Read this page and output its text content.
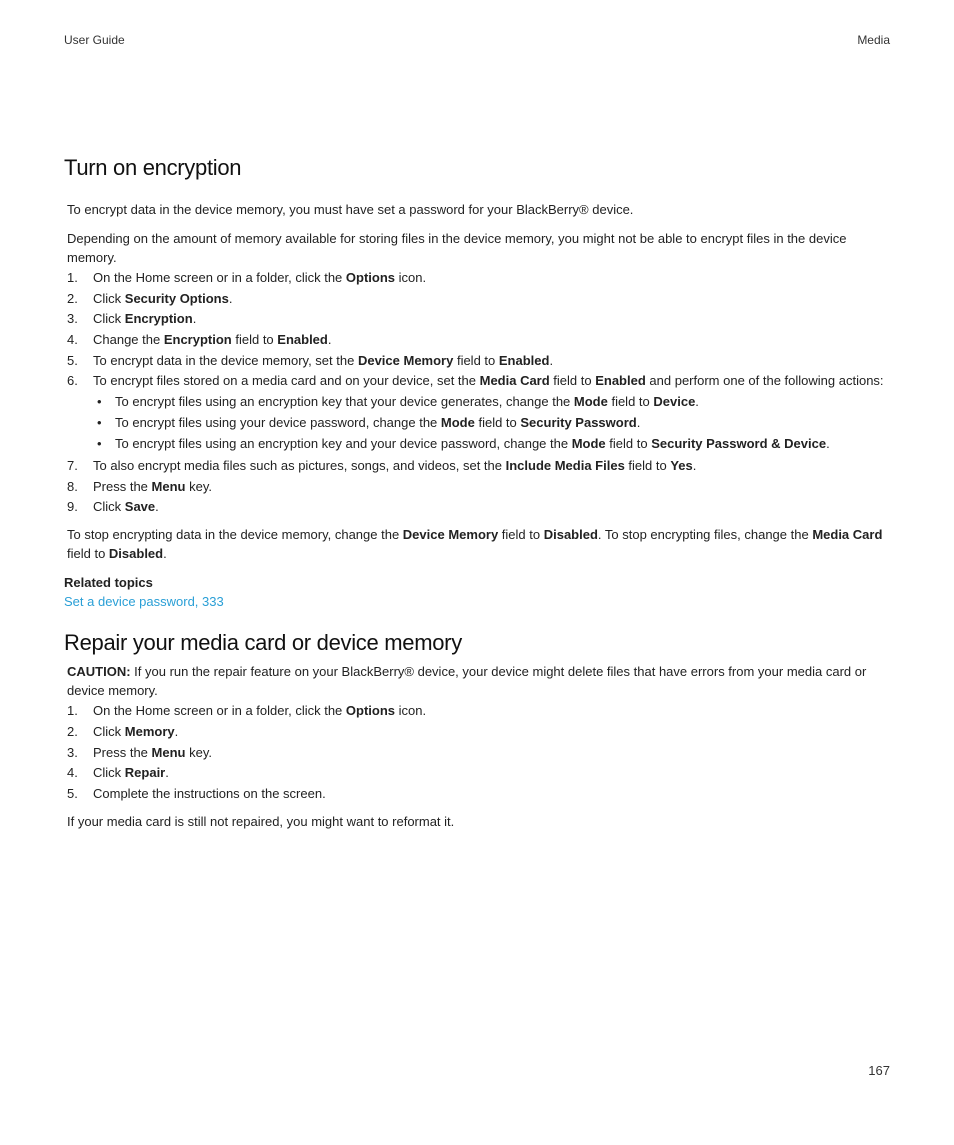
User Guide	Media
Turn on encryption

To encrypt data in the device memory, you must have set a password for your BlackBerry® device.

Depending on the amount of memory available for storing files in the device memory, you might not be able to encrypt files in the device memory.

1. On the Home screen or in a folder, click the Options icon.
2. Click Security Options.
3. Click Encryption.
4. Change the Encryption field to Enabled.
5. To encrypt data in the device memory, set the Device Memory field to Enabled.
6. To encrypt files stored on a media card and on your device, set the Media Card field to Enabled and perform one of the following actions:
• To encrypt files using an encryption key that your device generates, change the Mode field to Device.
• To encrypt files using your device password, change the Mode field to Security Password.
• To encrypt files using an encryption key and your device password, change the Mode field to Security Password & Device.
7. To also encrypt media files such as pictures, songs, and videos, set the Include Media Files field to Yes.
8. Press the Menu key.
9. Click Save.

To stop encrypting data in the device memory, change the Device Memory field to Disabled. To stop encrypting files, change the Media Card field to Disabled.

Related topics
Set a device password, 333
Repair your media card or device memory

CAUTION: If you run the repair feature on your BlackBerry® device, your device might delete files that have errors from your media card or device memory.

1. On the Home screen or in a folder, click the Options icon.
2. Click Memory.
3. Press the Menu key.
4. Click Repair.
5. Complete the instructions on the screen.

If your media card is still not repaired, you might want to reformat it.

167
